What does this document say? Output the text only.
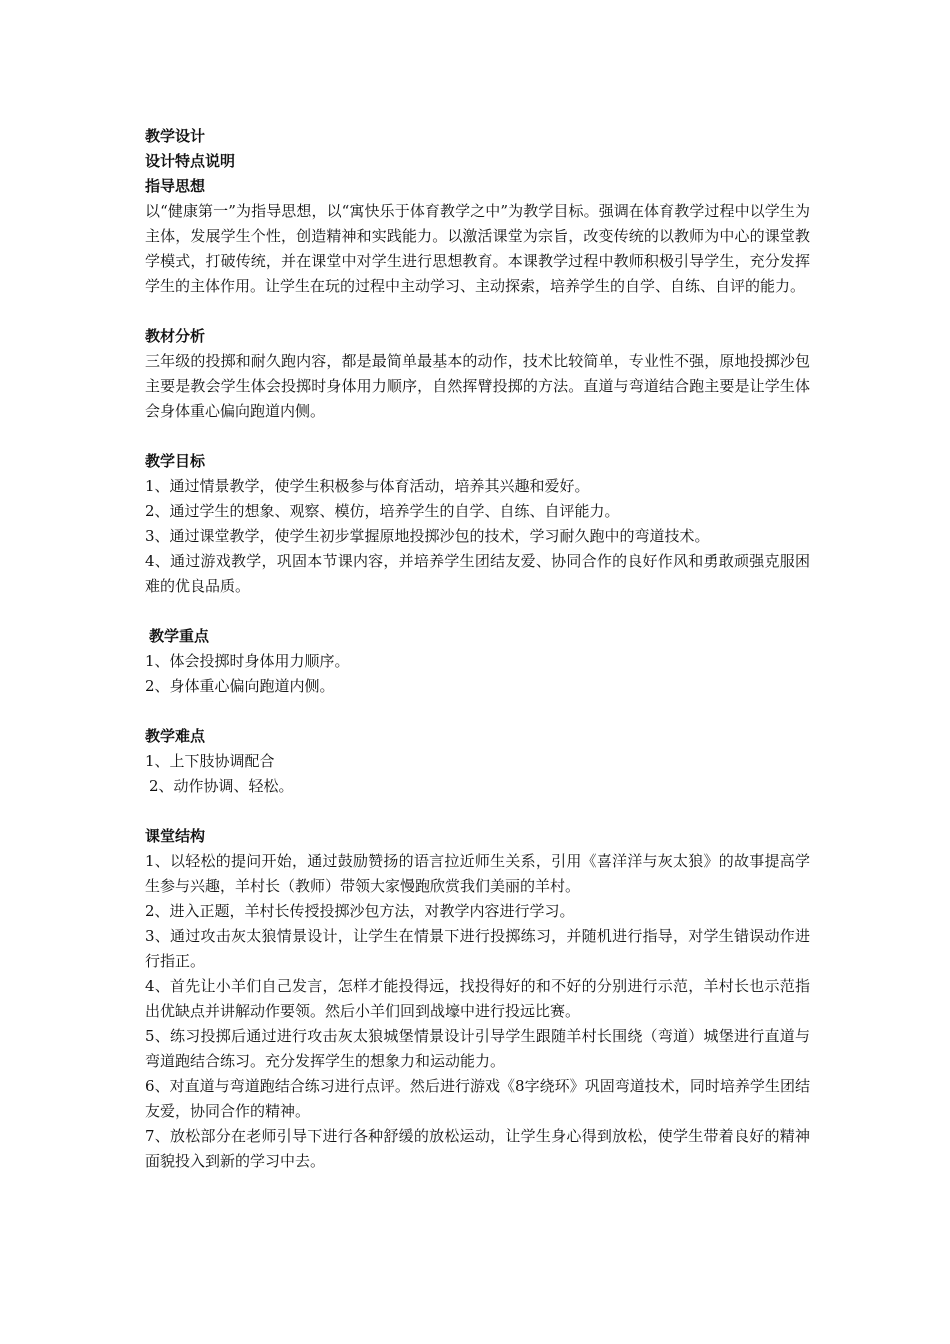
教学设计

设计特点说明

指导思想

以“健康第一”为指导思想，以“寓快乐于体育教学之中”为教学目标。强调在体育教学过程中以学生为主体，发展学生个性，创造精神和实践能力。以激活课堂为宗旨，改变传统的以教师为中心的课堂教学模式，打破传统，并在课堂中对学生进行思想教育。本课教学过程中教师积极引导学生，充分发挥学生的主体作用。让学生在玩的过程中主动学习、主动探索，培养学生的自学、自练、自评的能力。

教材分析

三年级的投掷和耐久跑内容，都是最简单最基本的动作，技术比较简单，专业性不强，原地投掷沙包主要是教会学生体会投掷时身体用力顺序，自然挥臂投掷的方法。直道与弯道结合跑主要是让学生体会身体重心偏向跑道内侧。

教学目标

1、通过情景教学，使学生积极参与体育活动，培养其兴趣和爱好。

2、通过学生的想象、观察、模仿，培养学生的自学、自练、自评能力。

3、通过课堂教学，使学生初步掌握原地投掷沙包的技术，学习耐久跑中的弯道技术。

4、通过游戏教学，巩固本节课内容，并培养学生团结友爱、协同合作的良好作风和勇敢顽强克服困难的优良品质。

教学重点

1、体会投掷时身体用力顺序。

2、身体重心偏向跑道内侧。

教学难点

1、上下肢协调配合

2、动作协调、轻松。

课堂结构

1、以轻松的提问开始，通过鼓励赞扬的语言拉近师生关系，引用《喜洋洋与灰太狼》的故事提高学生参与兴趣，羊村长（教师）带领大家慢跑欣赏我们美丽的羊村。

2、进入正题，羊村长传授投掷沙包方法，对教学内容进行学习。

3、通过攻击灰太狼情景设计，让学生在情景下进行投掷练习，并随机进行指导，对学生错误动作进行指正。

4、首先让小羊们自己发言，怎样才能投得远，找投得好的和不好的分别进行示范，羊村长也示范指出优缺点并讲解动作要领。然后小羊们回到战壕中进行投远比赛。

5、练习投掷后通过进行攻击灰太狼城堡情景设计引导学生跟随羊村长围绕（弯道）城堡进行直道与弯道跑结合练习。充分发挥学生的想象力和运动能力。

6、对直道与弯道跑结合练习进行点评。然后进行游戏《8字绕环》巩固弯道技术，同时培养学生团结友爱，协同合作的精神。

7、放松部分在老师引导下进行各种舒缓的放松运动，让学生身心得到放松，使学生带着良好的精神面貌投入到新的学习中去。
